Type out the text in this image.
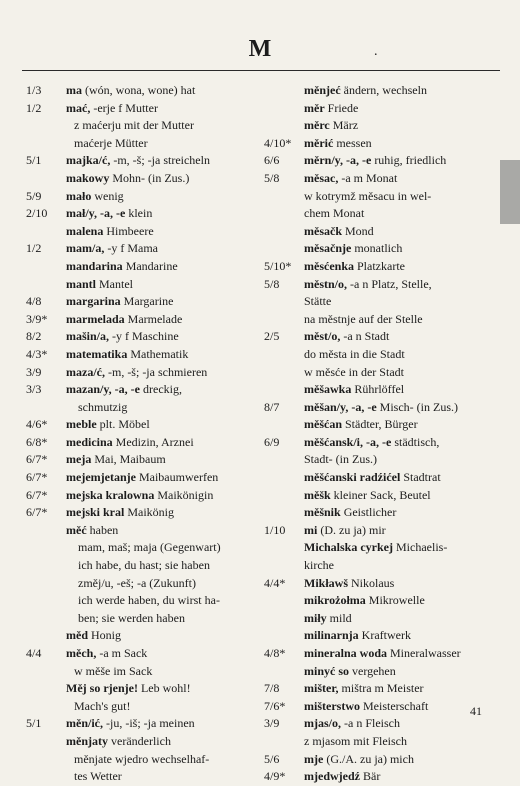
M	.
1/3	ma (wón, wona, wone) hat
1/2	mać, -erje f Mutter
z maćerju mit der Mutter
maćerje Mütter
5/1	majka/ć, -m, -š; -ja streicheln
makowy Mohn- (in Zus.)
5/9	mało wenig
2/10	mał/y, -a, -e klein
malena Himbeere
1/2	mam/a, -y f Mama
mandarina Mandarine
mantl Mantel
4/8	margarina Margarine
3/9*	marmelada Marmelade
8/2	mašin/a, -y f Maschine
4/3*	matematika Mathematik
3/9	maza/ć, -m, -š; -ja schmieren
3/3	mazan/y, -a, -e dreckig,
schmutzig
4/6*	meble plt. Möbel
6/8*	medicina Medizin, Arznei
6/7*	meja Mai, Maibaum
6/7*	mejemjetanje Maibaumwerfen
6/7*	mejska kralowna Maikönigin
6/7*	mejski kral Maikönig
měć haben
mam, maš; maja (Gegenwart)
ich habe, du hast; sie haben
změj/u, -eš; -a (Zukunft)
ich werde haben, du wirst ha-
ben; sie werden haben
měd Honig
4/4	měch, -a m Sack
w měše im Sack
Měj so rjenje! Leb wohl!
Mach's gut!
5/1	měn/ić, -ju, -iš; -ja meinen
měnjaty veränderlich
měnjate wjedro wechselhaf-
tes Wetter
měnjeć ändern, wechseln
měr Friede
měrc März
4/10*	měrić messen
6/6	měrn/y, -a, -e ruhig, friedlich
5/8	měsac, -a m Monat
w kotrymž měsacu in wel-
chem Monat
měsačk Mond
měsačnje monatlich
5/10*	měsćenka Platzkarte
5/8	městn/o, -a n Platz, Stelle,
Stätte
na městnje auf der Stelle
2/5	měst/o, -a n Stadt
do města in die Stadt
w měsće in der Stadt
měšawka Rührlöffel
8/7	měšan/y, -a, -e Misch- (in Zus.)
měšćan Städter, Bürger
6/9	měšćansk/i, -a, -e städtisch,
Stadt- (in Zus.)
měšćanski radźićel Stadtrat
měšk kleiner Sack, Beutel
měšnik Geistlicher
1/10	mi (D. zu ja) mir
Michalska cyrkej Michaelis-
kirche
4/4*	Mikławš Nikolaus
mikrożołma Mikrowelle
miły mild
milinarnja Kraftwerk
4/8*	mineralna woda Mineralwasser
minyć so vergehen
7/8	mišter, mištra m Meister
7/6*	mišterstwo Meisterschaft
3/9	mjas/o, -a n Fleisch
z mjasom mit Fleisch
5/6	mje (G./A. zu ja) mich
4/9*	mjedwjedź Bär
41
